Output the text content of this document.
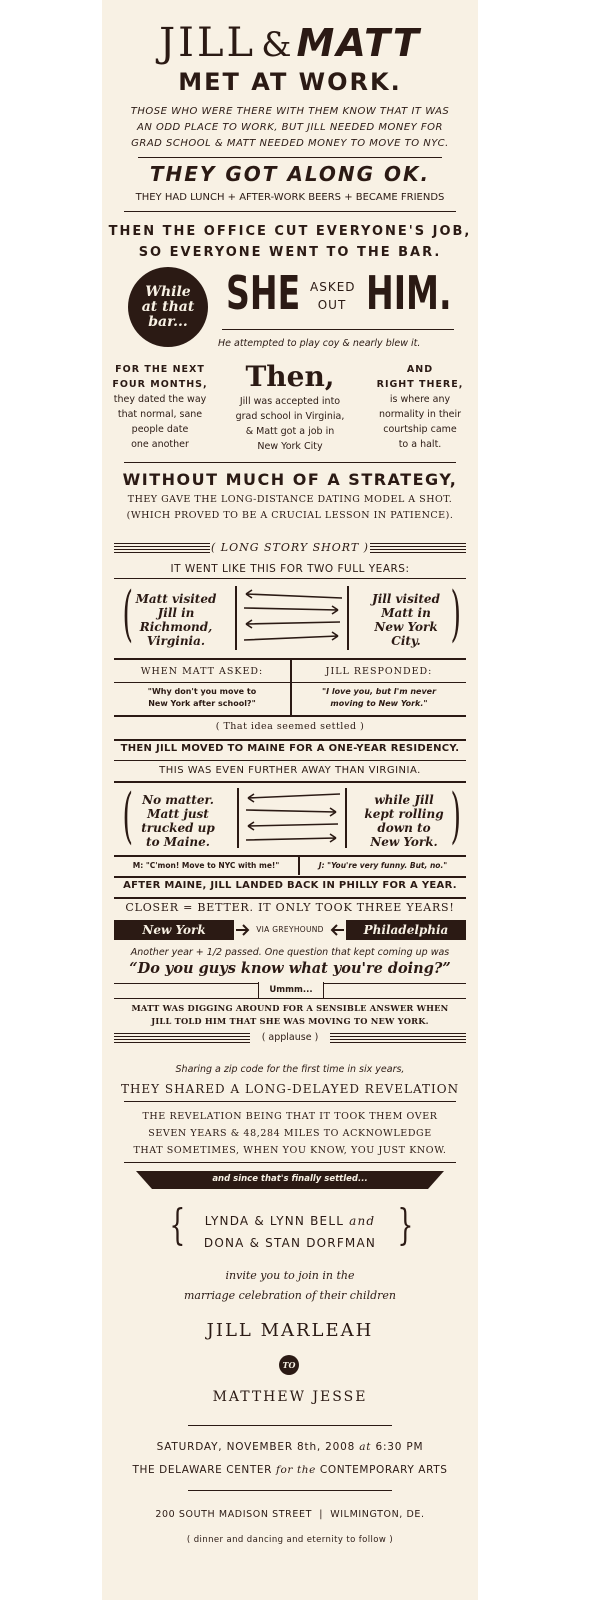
JILL & MATT
MET AT WORK.
THOSE WHO WERE THERE WITH THEM KNOW THAT IT WAS
AN ODD PLACE TO WORK, BUT JILL NEEDED MONEY FOR
GRAD SCHOOL & MATT NEEDED MONEY TO MOVE TO NYC.
THEY GOT ALONG OK.
THEY HAD LUNCH + AFTER-WORK BEERS + BECAME FRIENDS
THEN THE OFFICE CUT EVERYONE'S JOB,
SO EVERYONE WENT TO THE BAR.
While
at that
bar...
SHE ASKED
OUT HIM.
He attempted to play coy & nearly blew it.
FOR THE NEXT
FOUR MONTHS,
they dated the way
that normal, sane
people date
one another
Then,
Jill was accepted into
grad school in Virginia,
& Matt got a job in
New York City
AND
RIGHT THERE,
is where any
normality in their
courtship came
to a halt.
WITHOUT MUCH OF A STRATEGY,
THEY GAVE THE LONG-DISTANCE DATING MODEL A SHOT.
(WHICH PROVED TO BE A CRUCIAL LESSON IN PATIENCE).
( LONG STORY SHORT )
IT WENT LIKE THIS FOR TWO FULL YEARS:
( Matt visited
Jill in
Richmond,
Virginia.
Jill visited
Matt in
New York
City. )
WHEN MATT ASKED:	JILL RESPONDED:
"Why don't you move to
New York after school?"
"I love you, but I'm never
moving to New York."
( That idea seemed settled )
THEN JILL MOVED TO MAINE FOR A ONE-YEAR RESIDENCY.
THIS WAS EVEN FURTHER AWAY THAN VIRGINIA.
( No matter.
Matt just
trucked up
to Maine.
while Jill
kept rolling
down to
New York. )
M: "C'mon! Move to NYC with me!"	J: "You're very funny. But, no."
AFTER MAINE, JILL LANDED BACK IN PHILLY FOR A YEAR.
CLOSER = BETTER. IT ONLY TOOK THREE YEARS!
New York	VIA GREYHOUND	Philadelphia
Another year + 1/2 passed. One question that kept coming up was
“Do you guys know what you're doing?”
Ummm...
MATT WAS DIGGING AROUND FOR A SENSIBLE ANSWER WHEN
JILL TOLD HIM THAT SHE WAS MOVING TO NEW YORK.
( applause )
Sharing a zip code for the first time in six years,
THEY SHARED A LONG-DELAYED REVELATION
THE REVELATION BEING THAT IT TOOK THEM OVER
SEVEN YEARS & 48,284 MILES TO ACKNOWLEDGE
THAT SOMETIMES, WHEN YOU KNOW, YOU JUST KNOW.
and since that's finally settled...
{	LYNDA & LYNN BELL and
DONA & STAN DORFMAN }
invite you to join in the
marriage celebration of their children
JILL MARLEAH
TO
MATTHEW JESSE
SATURDAY, NOVEMBER 8th, 2008 at 6:30 PM
THE DELAWARE CENTER for the CONTEMPORARY ARTS
200 SOUTH MADISON STREET  |  WILMINGTON, DE.
( dinner and dancing and eternity to follow )
